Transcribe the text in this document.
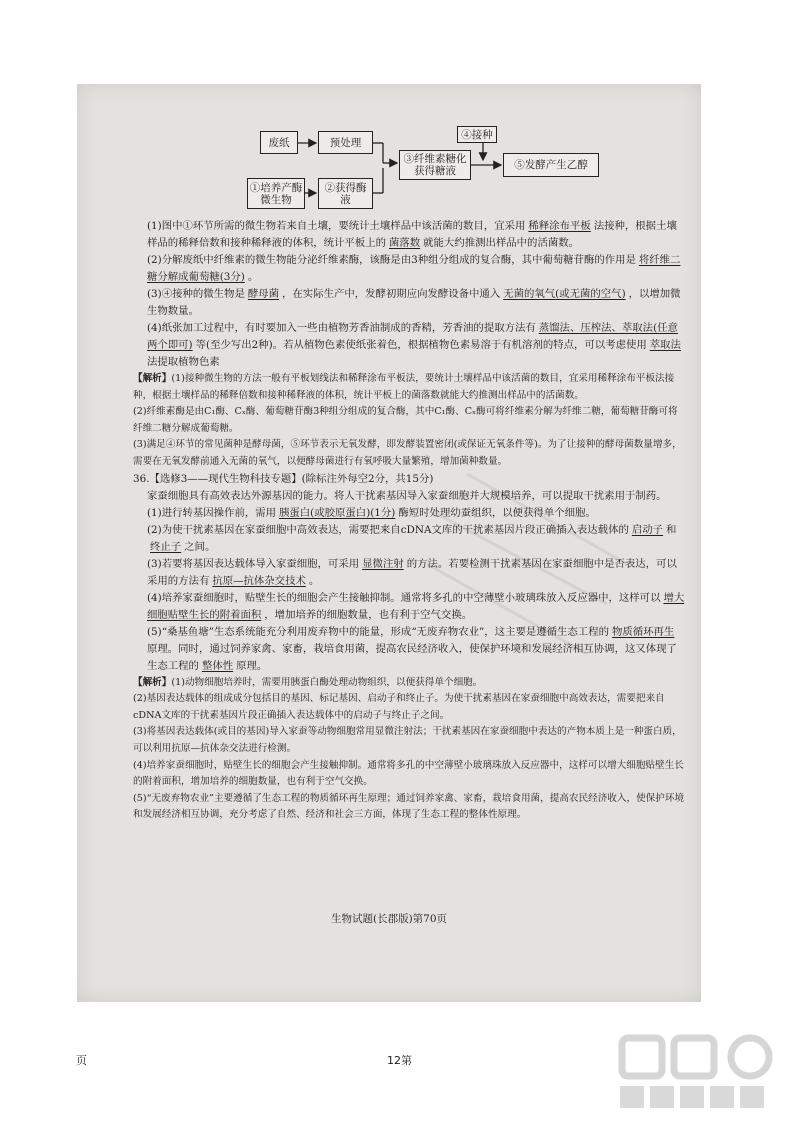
废纸	预处理
③纤维素糖化获得糖液
④接种
⑤发酵产生乙醇
①培养产酶微生物
②获得酶液

(1)图中①环节所需的微生物若来自土壤，要统计土壤样品中该活菌的数目，宜采用 稀释涂布平板 法接种，根据土壤样品的稀释倍数和接种稀释液的体积，统计平板上的 菌落数 就能大约推测出样品中的活菌数。

(2)分解废纸中纤维素的微生物能分泌纤维素酶，该酶是由3种组分组成的复合酶，其中葡萄糖苷酶的作用是 将纤维二糖分解成葡萄糖(3分) 。

(3)④接种的微生物是 酵母菌 ，在实际生产中，发酵初期应向发酵设备中通入 无菌的氧气(或无菌的空气) ，以增加微生物数量。

(4)纸张加工过程中，有时要加入一些由植物芳香油制成的香精，芳香油的提取方法有 蒸馏法、压榨法、萃取法(任意两个即可) 等(至少写出2种)。若从植物色素使纸张着色，根据植物色素易溶于有机溶剂的特点，可以考虑使用 萃取法法提取植物色素

【解析】(1)接种微生物的方法一般有平板划线法和稀释涂布平板法，要统计土壤样品中该活菌的数目，宜采用稀释涂布平板法接种，根据土壤样品的稀释倍数和接种稀释液的体积，统计平板上的菌落数就能大约推测出样品中的活菌数。

(2)纤维素酶是由C₁酶、Cₓ酶、葡萄糖苷酶3种组分组成的复合酶，其中C₁酶、Cₓ酶可将纤维素分解为纤维二糖，葡萄糖苷酶可将纤维二糖分解成葡萄糖。

(3)满足④环节的常见菌种是酵母菌，⑤环节表示无氧发酵，即发酵装置密闭(或保证无氧条件等)。为了让接种的酵母菌数量增多，需要在无氧发酵前通入无菌的氧气，以便酵母菌进行有氧呼吸大量繁殖，增加菌种数量。

36.【选修3——现代生物科技专题】(除标注外每空2分，共15分)

家蚕细胞具有高效表达外源基因的能力。将人干扰素基因导入家蚕细胞并大规模培养，可以提取干扰素用于制药。

(1)进行转基因操作前，需用 胰蛋白(或胶原蛋白)(1分) 酶短时处理幼蚕组织，以便获得单个细胞。

(2)为使干扰素基因在家蚕细胞中高效表达，需要把来自cDNA文库的干扰素基因片段正确插入表达载体的 启动子 和终止子 之间。

(3)若要将基因表达载体导入家蚕细胞，可采用 显微注射 的方法。若要检测干扰素基因在家蚕细胞中是否表达，可以采用的方法有 抗原—抗体杂交技术 。

(4)培养家蚕细胞时，贴壁生长的细胞会产生接触抑制。通常将多孔的中空薄壁小玻璃珠放入反应器中，这样可以 增大细胞贴壁生长的附着面积 ，增加培养的细胞数量，也有利于空气交换。

(5)“桑基鱼塘”生态系统能充分利用废弃物中的能量，形成“无废弃物农业”，这主要是遵循生态工程的 物质循环再生原理。同时，通过饲养家禽、家畜，栽培食用菌，提高农民经济收入，使保护环境和发展经济相互协调，这又体现了生态工程的 整体性 原理。

【解析】(1)动物细胞培养时，需要用胰蛋白酶处理动物组织，以便获得单个细胞。

(2)基因表达载体的组成成分包括目的基因、标记基因、启动子和终止子。为使干扰素基因在家蚕细胞中高效表达，需要把来自cDNA文库的干扰素基因片段正确插入表达载体中的启动子与终止子之间。

(3)将基因表达载体(或目的基因)导入家蚕等动物细胞常用显微注射法；干扰素基因在家蚕细胞中表达的产物本质上是一种蛋白质，可以利用抗原—抗体杂交法进行检测。

(4)培养家蚕细胞时，贴壁生长的细胞会产生接触抑制。通常将多孔的中空薄壁小玻璃珠放入反应器中，这样可以增大细胞贴壁生长的附着面积，增加培养的细胞数量，也有利于空气交换。

(5)“无废弃物农业”主要遵循了生态工程的物质循环再生原理；通过饲养家禽、家畜，栽培食用菌，提高农民经济收入，使保护环境和发展经济相互协调，充分考虑了自然、经济和社会三方面，体现了生态工程的整体性原理。

生物试题(长郡版)第70页
页	12第
